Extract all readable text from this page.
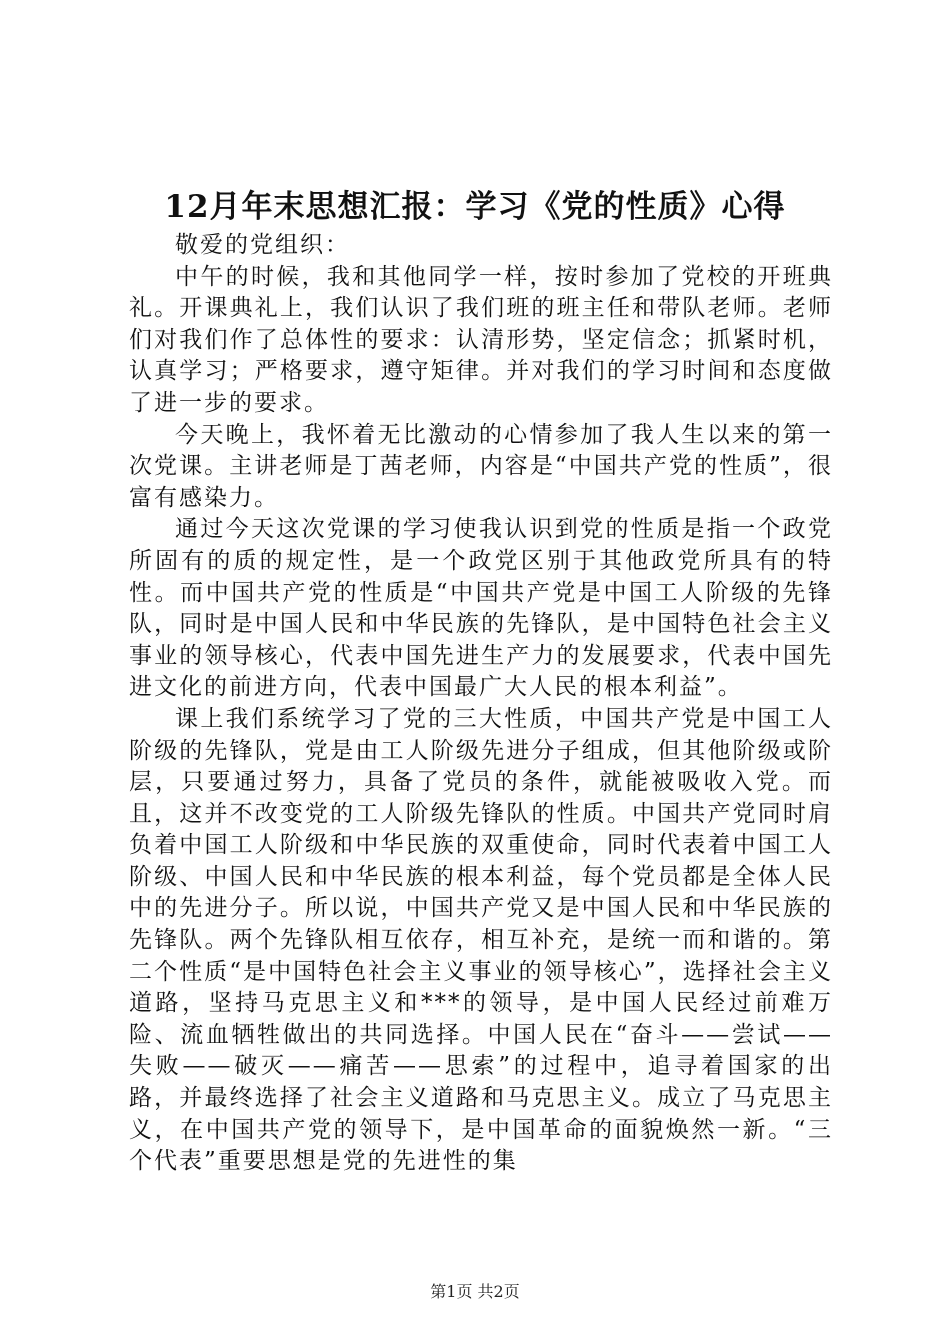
12月年末思想汇报：学习《党的性质》心得

敬爱的党组织：

中午的时候，我和其他同学一样，按时参加了党校的开班典礼。开课典礼上，我们认识了我们班的班主任和带队老师。老师们对我们作了总体性的要求：认清形势，坚定信念；抓紧时机，认真学习；严格要求，遵守矩律。并对我们的学习时间和态度做了进一步的要求。

今天晚上，我怀着无比激动的心情参加了我人生以来的第一次党课。主讲老师是丁茜老师，内容是“中国共产党的性质”，很富有感染力。

通过今天这次党课的学习使我认识到党的性质是指一个政党所固有的质的规定性，是一个政党区别于其他政党所具有的特性。而中国共产党的性质是“中国共产党是中国工人阶级的先锋队，同时是中国人民和中华民族的先锋队，是中国特色社会主义事业的领导核心，代表中国先进生产力的发展要求，代表中国先进文化的前进方向，代表中国最广大人民的根本利益”。

课上我们系统学习了党的三大性质，中国共产党是中国工人阶级的先锋队，党是由工人阶级先进分子组成，但其他阶级或阶层，只要通过努力，具备了党员的条件，就能被吸收入党。而且，这并不改变党的工人阶级先锋队的性质。中国共产党同时肩负着中国工人阶级和中华民族的双重使命，同时代表着中国工人阶级、中国人民和中华民族的根本利益，每个党员都是全体人民中的先进分子。所以说，中国共产党又是中国人民和中华民族的先锋队。两个先锋队相互依存，相互补充，是统一而和谐的。第二个性质“是中国特色社会主义事业的领导核心”，选择社会主义道路，坚持马克思主义和***的领导，是中国人民经过前难万险、流血牺牲做出的共同选择。中国人民在“奋斗——尝试——失败——破灭——痛苦——思索”的过程中，追寻着国家的出路，并最终选择了社会主义道路和马克思主义。成立了马克思主义，在中国共产党的领导下，是中国革命的面貌焕然一新。“三个代表”重要思想是党的先进性的集

第1页 共2页
